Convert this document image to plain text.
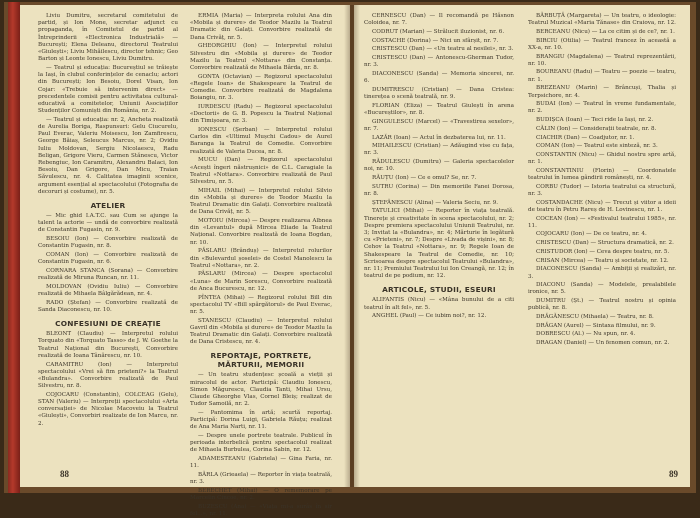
Liviu Dumitru, secretarul comitetului de partid, și Ion Mone, secretar adjunct cu propaganda, în Comitetul de partid al Întreprinderii «Electronica Industrială» — București; Elena Deleanu, directorul Teatrului «Giulești»; Liviu Mihăilescu, director tehnic; Geo Barton și Leonte Ionescu, Liviu Dumitru.

— Teatrul și educația: Bucureștiul se trăiește la Iași, în clubul conferințelor de cenaclu; actori din București; Ion Besoiu, Dorel Visan, Ion Cojar: «Trebuie să intervenim direct» — precedentele comisii pentru activitatea cultural-educativă a comitetelor, Uniunii Asociațiilor Studenților Comuniști din România, nr. 2.

— Teatrul și educația: nr. 2, Ancheta realizată de Aurelia Boriga, Raspunsuri: Gelu Ciucurelu, Paul Everac, Valeriu Moisescu, Ion Zamfirescu, George Băiaș, Seleucus Marcus, nr. 2; Ovidiu Iuliu Moldovan, Sergiu Nicolaescu, Radu Beligan, Grigore Vieru, Carmen Stănescu, Victor Rebengiuc, Ion Caramitru, Alexandru Balaci, Ion Besoiu, Dan Grigore, Dan Micu, Traian Săvulescu, nr. 4. Calitatea imaginii scenice, argument esențial al spectacolului (Fotografia de decoruri și costume), nr. 5.

ATELIER

— Mic ghid I.A.T.C. sau Cum se ajunge la talent la actorie — undă de convorbire realizată de Constantin Fugasin, nr. 9.

BESOIU (Ion) — Convorbire realizată de Constantin Fugasin, nr. 8.

COMAN (Ion) — Convorbire realizată de Constantin Fugasin, nr. 6.

CORNARA STANCA (Sorana) — Convorbire realizată de Miruna Runcan, nr. 11.

MOLDOVAN (Ovidiu Iuliu) — Convorbire realizată de Mihaela Bâlgărădean, nr. 4.

RADO (Ștefan) — Convorbire realizată de Sanda Diaconescu, nr. 10.

CONFESIUNI DE CREAȚIE

BLEONT (Claudiu) — Interpretul rolului Torquato din «Torquato Tasso» de J. W. Goethe la Teatrul Național din București, Convorbire realizată de Ioana Tânărescu, nr. 10.

CARAMITRU (Ion) — Interpretul spectacolului «Vrei să fim prieteni?» la Teatrul «Bulandra». Convorbire realizată de Paul Silvestru, nr. 8.

COJOCARU (Constantin), COLCEAG (Gelu), STAN (Valeriu) — Interpreții spectacolului «Arta conversației» de Nicolae Macoveiu la Teatrul «Giulești», Convorbiri realizate de Ion Marcu, nr. 2.

ERMIA (Maria) — Interpreta rolului Ana din «Mobila și durere» de Teodor Mazilu la Teatrul Dramatic din Galați. Convorbire realizată de Dana Crivăț, nr. 5.

GHEORGHIU (Ion) — Interpretul rolului Silvestru din «Mobila și durere» de Teodor Mazilu la Teatrul «Nottara» din Constanța. Convorbire realizată de Mihaela Bârda, nr. 8.

GONTA (Octavian) — Regizorul spectacolului «Regele Ioan» de Shakespeare la Teatrul de Comedie. Convorbire realizată de Magdalena Boiangiu, nr. 3.

IURDESCU (Radu) — Regizorul spectacolului «Doctorii» de G. B. Popescu la Teatrul Național din Timișoara, nr. 3.

IONESCU (Șerban) — Interpretul rolului Carlos din «Ultimul Mușchi Cadou» de Aurel Baranga la Teatrul de Comedie. Convorbire realizată de Valeria Ducea, nr. 8.

MUCU (Dan) — Regizorul spectacolului «Acești îngeri năstrușnici» de C.L. Caragiale la Teatrul «Nottara». Convorbire realizată de Paul Silvestru, nr. 5.

MIHAIL (Mihai) — Interpretul rolului Silvio din «Mobila și durere» de Teodor Mazilu la Teatrul Dramatic din Galați. Convorbire realizată de Dana Crivăț, nr. 5.

MOTOIU (Mircea) — Despre realizarea Albnea din «Levantul» după Mircea Eliade la Teatrul Național. Convorbire realizată de Ioana Bogdan, nr. 10.

PĂSLARU (Brânduș) — Interpretul rolurilor din «Bulevardul șoselei» de Costel Manolescu la Teatrul «Nottara», nr. 2.

PÂSLARU (Mircea) — Despre spectacolul «Luna» de Marin Sorescu, Convorbire realizată de Anca Bucurescu, nr. 12.

PÎNTEA (Mihai) — Regizorul rolului Bill din spectacolul TV «Bill spărgătorul» de Paul Everac, nr. 5.

STANESCU (Claudiu) — Interpretul rolului Gavril din «Mobila și durere» de Teodor Mazilu la Teatrul Dramatic din Galați. Convorbire realizată de Dana Cristescu, nr. 4.

REPORTAJE, PORTRETE, MĂRTURII, MEMORII

— Un teatru studențesc școală a vieții și miracolul de actor. Participă: Claudiu Ionescu, Simon Măgurescu, Claudia Tanti, Mihai Ursu, Claude Gheorghe Vlas, Cornel Bleiș; realizat de Tudor Samoilă, nr. 2.

— Pantomima în artă; scurtă reportaj. Participă: Dorina Luigi, Gabriela Răuțu; realizat de Ana Maria Narti, nr. 11.

— Despre unele portrete teatrale. Publicul în perioada interbelică pentru spectacolul realizat de Mihaela Burbulea, Corina Sabin, nr. 12.

ADAMESTEANU (Gabriela) — Gina Faria, nr. 11.

BĂRLA (Grieaela) — Reporter în viața teatrală, nr. 3.

BERECHET (Mihai) — O rememorare pe Marcelin Cincoe, nr. 2.

BUZESCU (Ana) — «Viața mi-a surâs în sir fel...», nr. 11.

88

CERNESCU (Dan) — Il recomandă pe Hăsnon Coloidea, nr. 7.

CODRUT (Marian) — Strălucit iluzionist, nr. 6.

COSTACHE (Dorina) — Nici un sfârșit, nr. 7.

CRISTESCU (Dan) — «Un teatru al nesilei», nr. 3.

CRISTESCU (Dan) — Antonescu-Gherman Tudor, nr. 3.

DIACONESCU (Sanda) — Memoria sincerei, nr. 6.

DUMITRESCU (Cristian) — Dana Cristea: tinerețea o scenă teatrală, nr. 9.

FLORIAN (Eliza) — Teatrul Giulești în arena «Bucureștilor», nr. 8.

GINGULESCU (Marcel) — «Travestirea sexelor», nr. 7.

LAZĂR (Ioan) — Actul în dezbaterea lui, nr. 11.

MIHAILESCU (Cristian) — Adăugind vise cu fața, nr. 3.

RĂDULESCU (Dumitru) — Galeria spectacolelor noi, nr. 10.

RĂUȚU (Ion) — Ce e omul? Se, nr. 7.

SUTRU (Corina) — Din memoriile Fanei Dorosa, nr. 8.

ȘTEFĂNESCU (Alina) — Valeria Seciu, nr. 9.

TATULICI (Mihai) — Reporter în viața teatrală. Tinerețe și creativitate în scena spectacolului, nr. 2; Despre premiera spectacolului Uniunii Teatrului, nr. 3; Invitat la «Bulandra», nr. 4; Mărturie în legătură cu «Prieteni», nr. 7; Despre «Livada de vișini», nr. 8; Cehov la Teatrul «Nottara», nr. 9; Regele Ioan de Shakespeare la Teatrul de Comedie, nr. 10; Scrisoarea despre spectacolul Teatrului «Bulandra», nr. 11; Premiului Teatrului lui Ion Creangă, nr. 12; în teatrul de pe podium, nr. 12.

ARTICOLE, STUDII, ESEURI

ALIFANTIS (Nicu) — «Mâna bunului de a citi teatrul în alt fel», nr. 5.

ANGHEL (Paul) — Ce iubim noi?, nr. 12.

BĂRBUȚĂ (Margareta) — Un teatru, o ideologie: Teatrul Muzical «Maria Tănase» din Craiova, nr. 12.

BERCEANU (Nicu) — La ce citim și de ce?, nr. 1.

BIRCIU (Otilia) — Teatrul francez în această a XX-a, nr. 10.

BRANGIU (Magdalena) — Teatrul reprezentării, nr. 10.

BOUREANU (Radu) — Teatru — poezie — teatru, nr. 1.

BREZEANU (Marin) — Brâncuși, Thalia și Terpsichore, nr. 4.

BUDAI (Ion) — Teatrul în vreme fundamentale, nr. 2.

BUDIȘCA (Ioan) — Teci ride la Iași, nr. 2.

CĂLIN (Ion) — Considerații teatrale, nr. 8.

CIACHIR (Dan) — Coadjutor, nr. 1.

COMAN (Ion) — Teatrul este sinteză, nr. 3.

CONSTANTIN (Nicu) — Ghidul nostru spre artă, nr. 1.

CONSTANTINIU (Florin) — Coordonatele teatrului în lumea gândirii românești, nr. 4.

CORBU (Tudor) — Istoria teatrului ca structură, nr. 3.

COSTANDACHE (Nicu) — Trecut și viitor a ideii de teatru în Petru Rareș de H. Lovinescu, nr. 1.

COCEAN (Ion) — «Festivalul teatrului 1985», nr. 11.

COJOCARU (Ion) — De ce teatru, nr. 4.

CRISTESCU (Dan) — Structura dramatică, nr. 2.

CRISTUDOR (Ion) — Ceva despre teatru, nr. 5.

CRISAN (Mircea) — Teatru și societate, nr. 12.

DIACONESCU (Sanda) — Ambiții și realizări, nr. 3.

DIACONU (Sanda) — Modelele, prealabilele ironice, nr. 5.

DUMITRU (Șt.) — Teatrul nostru și opinia publică, nr. 8.

DRĂGĂNESCU (Mihaela) — Teatru, nr. 8.

DRĂGAN (Aurel) — Sintaxa filmului, nr. 9.

DOBRESCU (Al.) — Nu spun, nr. 4.

DRAGAN (Daniel) — Un fenomen comun, nr. 2.

89
